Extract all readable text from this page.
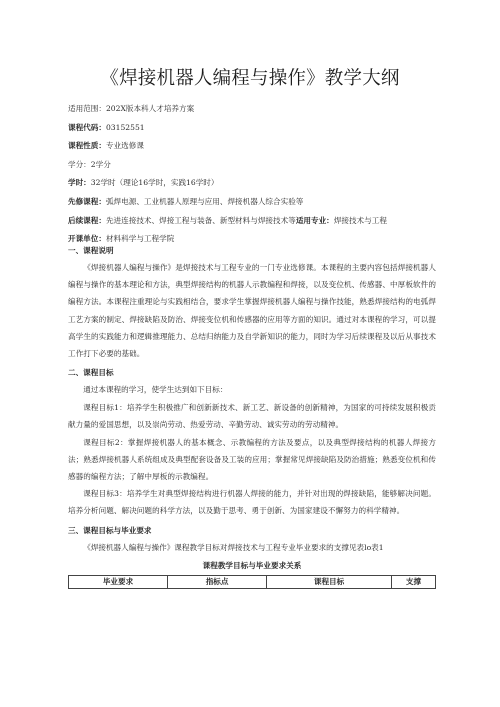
《焊接机器人编程与操作》教学大纲
适用范围：202X版本科人才培养方案
课程代码：03152551
课程性质：专业选修课
学分：2学分
学时：32学时（理论16学时，实践16学时）
先修课程：弧焊电源、工业机器人原理与应用、焊接机器人综合实验等
后续课程：先进连接技术、焊接工程与装备、新型材料与焊接技术等适用专业：焊接技术与工程
开课单位：材料科学与工程学院
一、课程说明
《焊接机器人编程与操作》是焊接技术与工程专业的一门专业选修课。本课程的主要内容包括焊接机器人编程与操作的基本理论和方法，典型焊接结构的机器人示教编程和焊接，以及变位机、传感器、中厚板软件的编程方法。本课程注重理论与实践相结合，要求学生掌握焊接机器人编程与操作技能，熟悉焊接结构的电弧焊工艺方案的制定、焊接缺陷及防治、焊接变位机和传感器的应用等方面的知识。通过对本课程的学习，可以提高学生的实践能力和逻辑推理能力、总结归纳能力及自学新知识的能力，同时为学习后续课程及以后从事技术工作打下必要的基础。
二、课程目标
通过本课程的学习，使学生达到如下目标：
课程目标1：培养学生积极推广和创新新技术、新工艺、新设备的创新精神，为国家的可持续发展积极贡献力量的爱国思想，以及崇尚劳动、热爱劳动、辛勤劳动、诚实劳动的劳动精神。
课程目标2：掌握焊接机器人的基本概念、示教编程的方法及要点，以及典型焊接结构的机器人焊接方法；熟悉焊接机器人系统组成及典型配套设备及工装的应用；掌握常见焊接缺陷及防治措施；熟悉变位机和传感器的编程方法；了解中厚板的示教编程。
课程目标3：培养学生对典型焊接结构进行机器人焊接的能力，并针对出现的焊接缺陷，能够解决问题。培养分析问题、解决问题的科学方法，以及勤于思考、勇于创新、为国家建设不懈努力的科学精神。
三、课程目标与毕业要求
《焊接机器人编程与操作》课程教学目标对焊接技术与工程专业毕业要求的支撑见表lo表1
课程教学目标与毕业要求关系
毕业要求	指标点	课程目标	支撑
